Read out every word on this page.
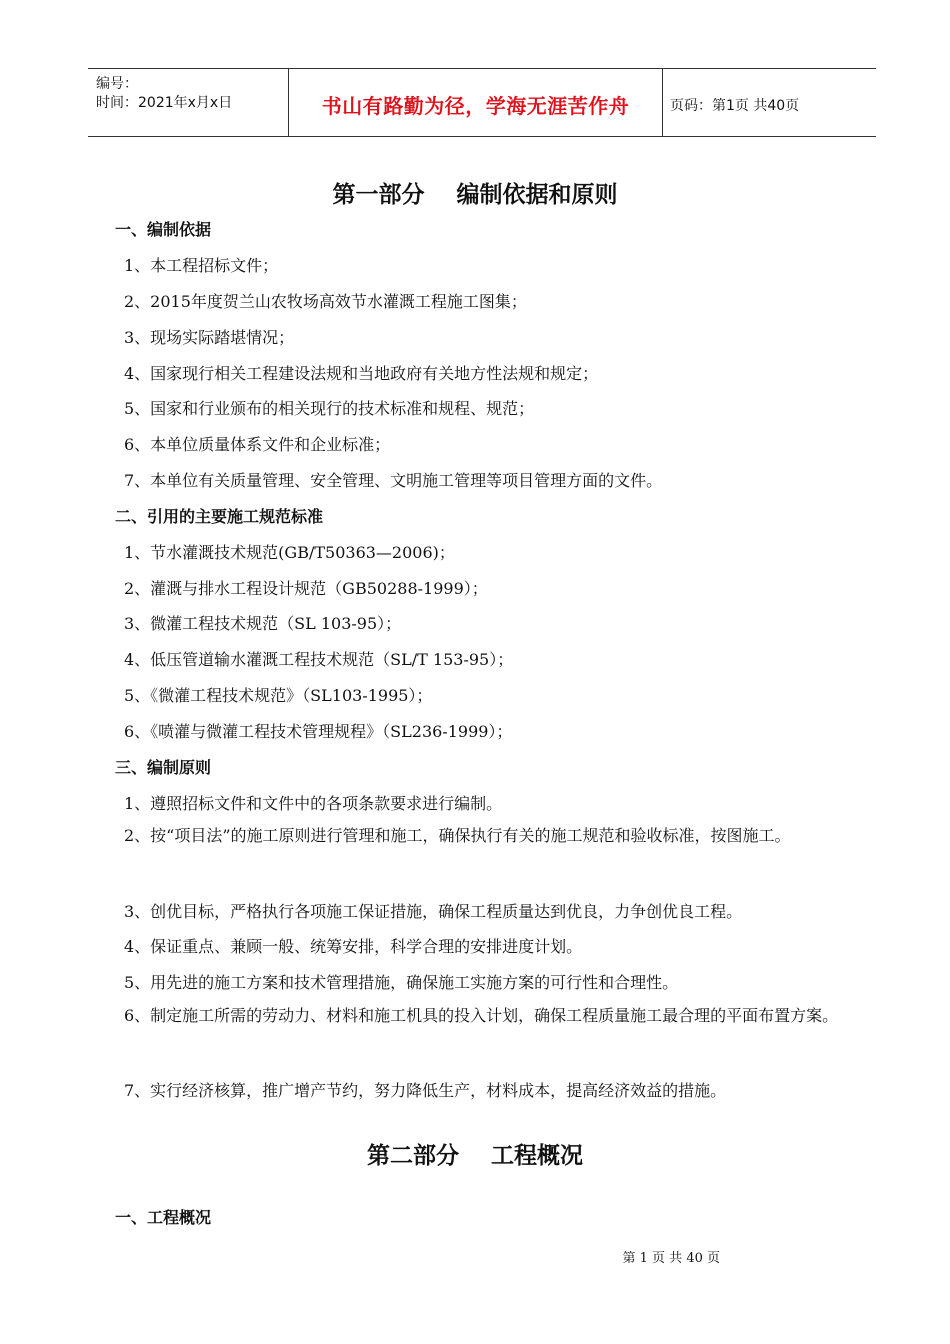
编号：
时间：2021年x月x日	书山有路勤为径，学海无涯苦作舟	页码：第1页 共40页
第一部分    编制依据和原则
一、编制依据
1、本工程招标文件；
2、2015年度贺兰山农牧场高效节水灌溉工程施工图集；
3、现场实际踏堪情况；
4、国家现行相关工程建设法规和当地政府有关地方性法规和规定；
5、国家和行业颁布的相关现行的技术标准和规程、规范；
6、本单位质量体系文件和企业标准；
7、本单位有关质量管理、安全管理、文明施工管理等项目管理方面的文件。
二、引用的主要施工规范标准
1、节水灌溉技术规范(GB/T50363—2006)；
2、灌溉与排水工程设计规范（GB50288-1999）；
3、微灌工程技术规范（SL 103-95）；
4、低压管道输水灌溉工程技术规范（SL/T 153-95）；
5、《微灌工程技术规范》（SL103-1995）；
6、《喷灌与微灌工程技术管理规程》（SL236-1999）；
三、编制原则
1、遵照招标文件和文件中的各项条款要求进行编制。
2、按“项目法”的施工原则进行管理和施工，确保执行有关的施工规范和验收标准，按图施工。
3、创优目标，严格执行各项施工保证措施，确保工程质量达到优良，力争创优良工程。
4、保证重点、兼顾一般、统筹安排，科学合理的安排进度计划。
5、用先进的施工方案和技术管理措施，确保施工实施方案的可行性和合理性。
6、制定施工所需的劳动力、材料和施工机具的投入计划，确保工程质量施工最合理的平面布置方案。
7、实行经济核算，推广增产节约，努力降低生产，材料成本，提高经济效益的措施。
第二部分    工程概况
一、工程概况
第 1 页 共 40 页
